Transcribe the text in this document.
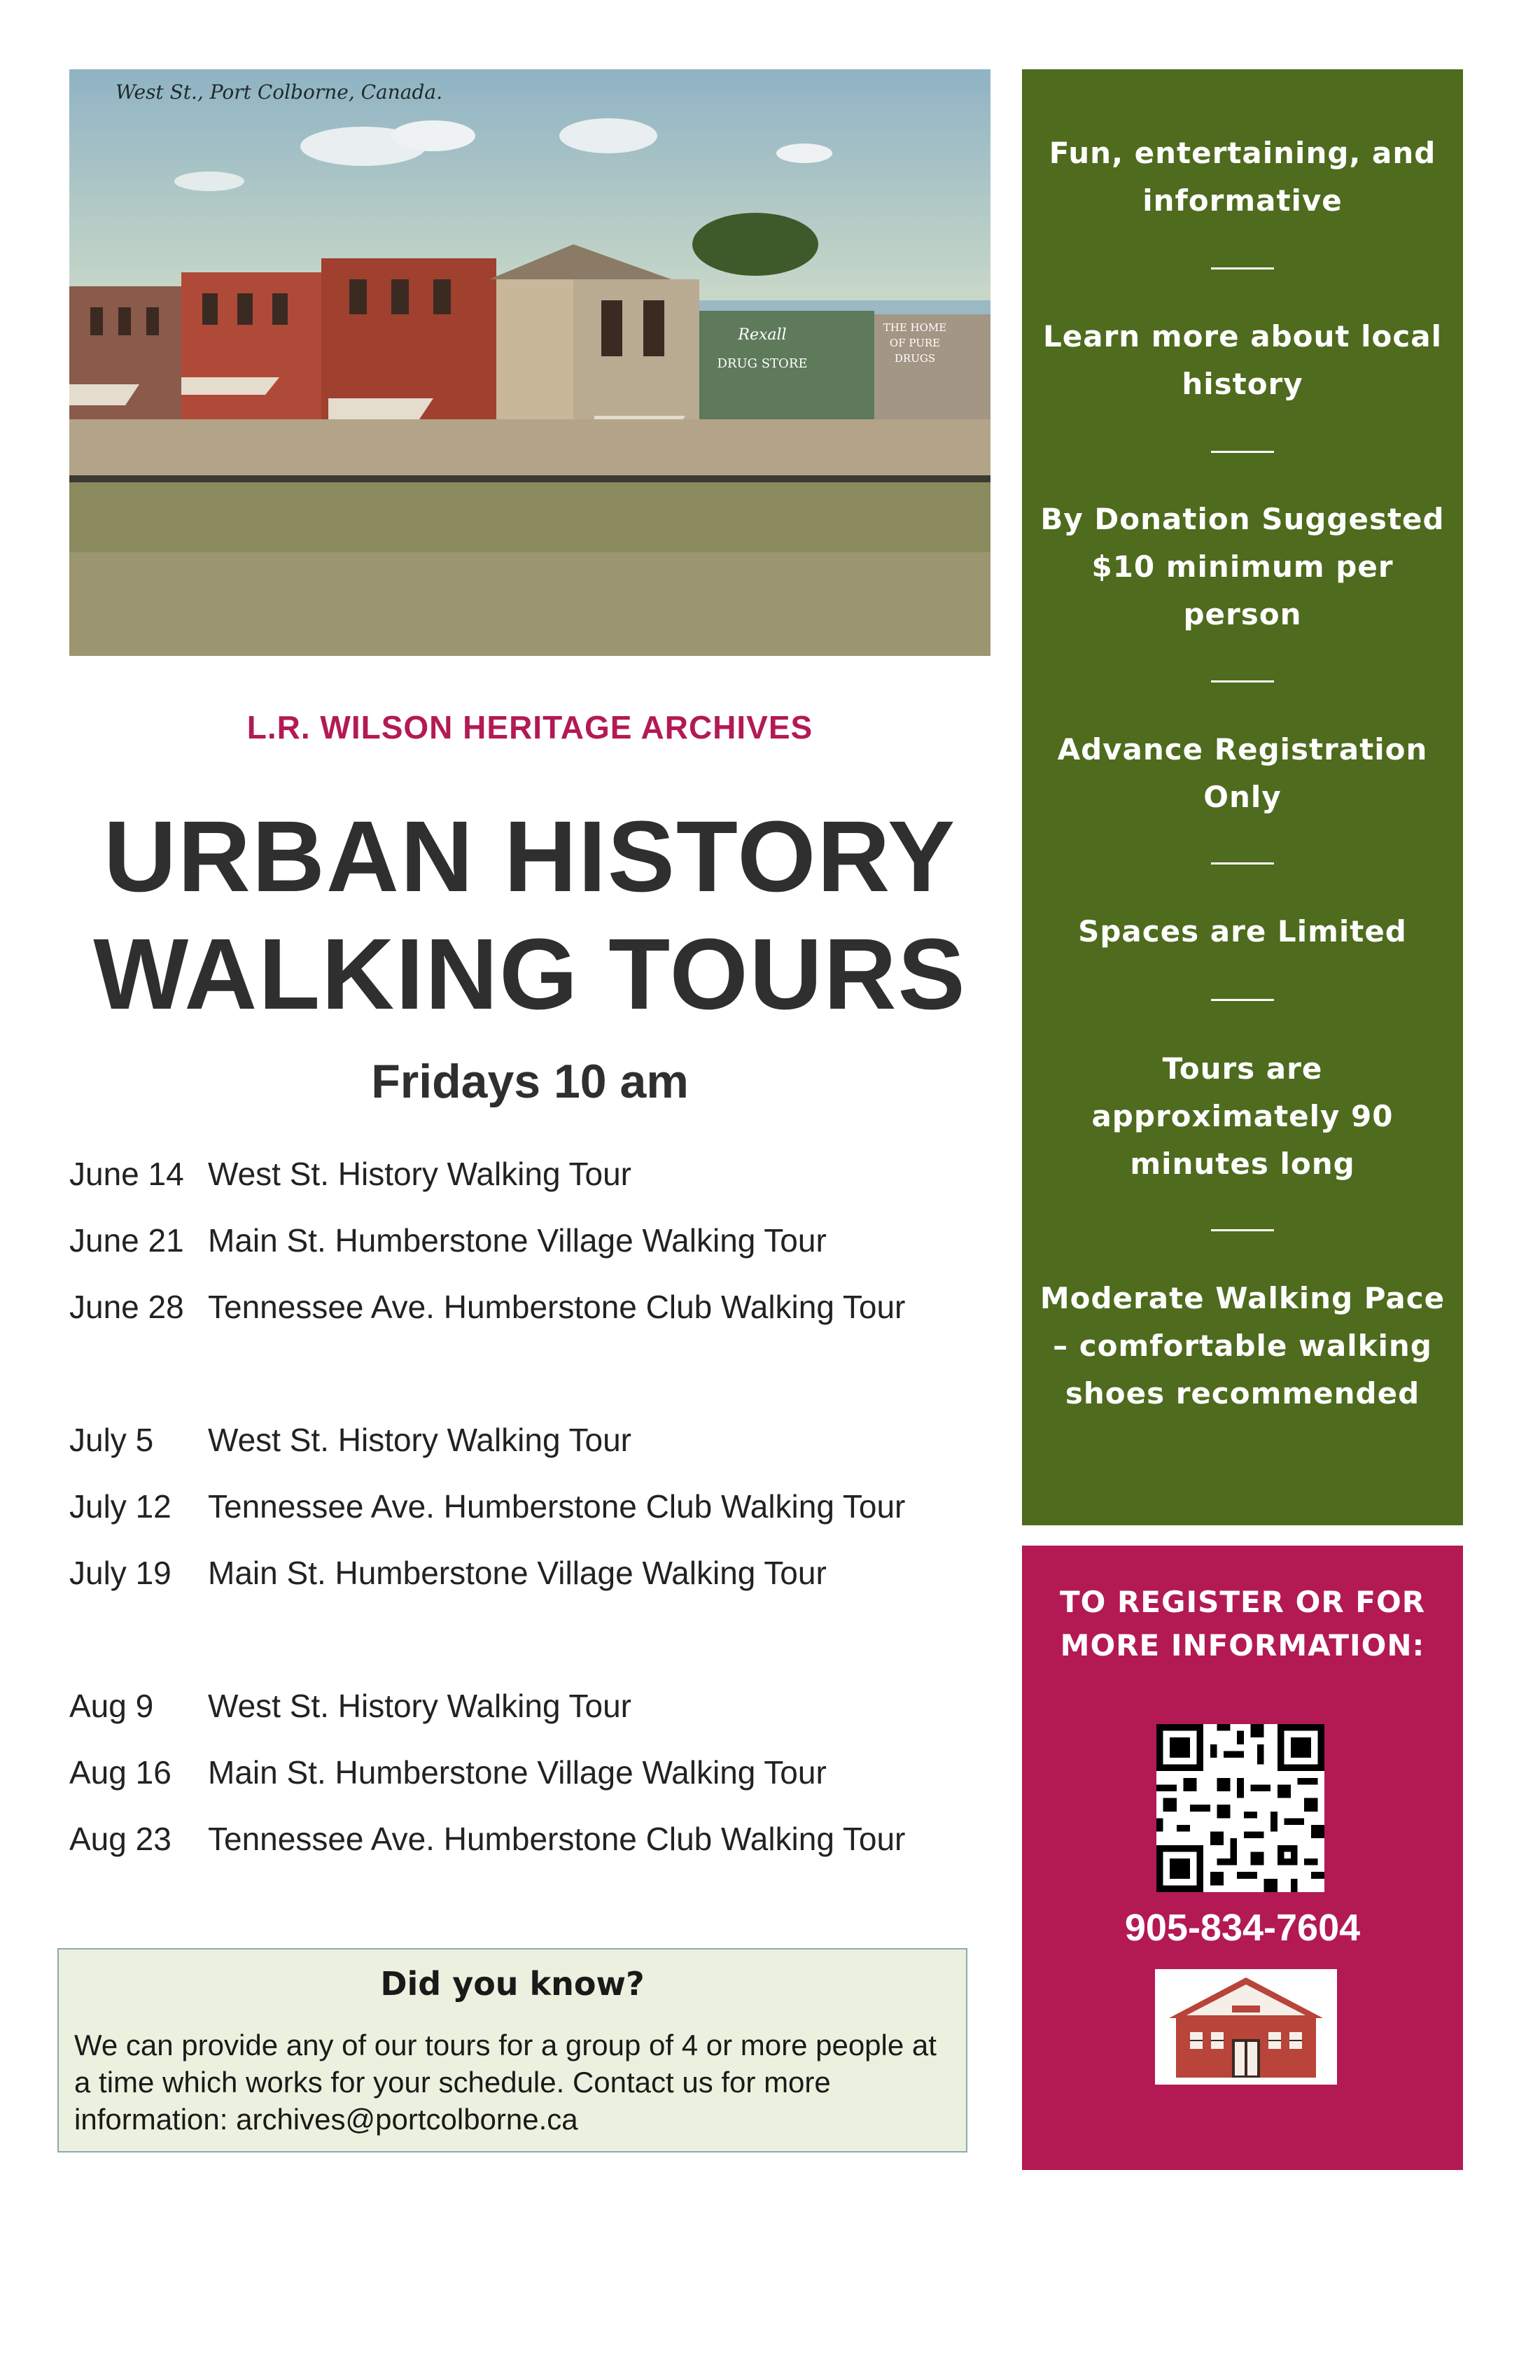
West St., Port Colborne, Canada.
Rexall
DRUG STORE
THE HOME OF PURE DRUGS
L.R. WILSON HERITAGE ARCHIVES
URBAN HISTORY
WALKING TOURS
Fridays 10 am
June 14 West St. History Walking Tour
June 21 Main St. Humberstone Village Walking Tour
June 28 Tennessee Ave. Humberstone Club Walking Tour
July 5 West St. History Walking Tour
July 12 Tennessee Ave. Humberstone Club Walking Tour
July 19 Main St. Humberstone Village Walking Tour
Aug 9 West St. History Walking Tour
Aug 16 Main St. Humberstone Village Walking Tour
Aug 23 Tennessee Ave. Humberstone Club Walking Tour
Did you know?
We can provide any of our tours for a group of 4 or more people at a time which works for your schedule. Contact us for more information: archives@portcolborne.ca
Fun, entertaining, and informative
Learn more about local history
By Donation Suggested $10 minimum per person
Advance Registration Only
Spaces are Limited
Tours are approximately 90 minutes long
Moderate Walking Pace – comfortable walking shoes recommended
TO REGISTER OR FOR MORE INFORMATION:
905-834-7604
